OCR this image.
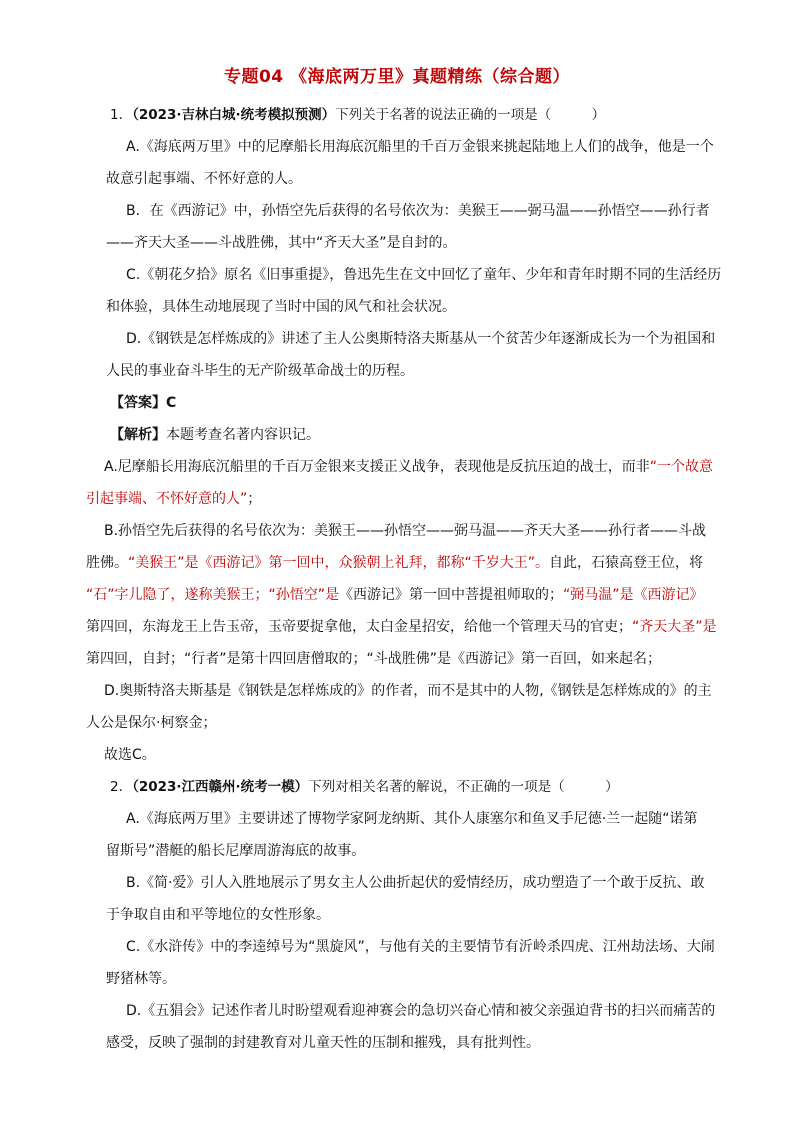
专题04 《海底两万里》真题精练（综合题）
1．（2023·吉林白城·统考模拟预测）下列关于名著的说法正确的一项是（　　　）
A.《海底两万里》中的尼摩船长用海底沉船里的千百万金银来挑起陆地上人们的战争，他是一个
故意引起事端、不怀好意的人。
B．在《西游记》中，孙悟空先后获得的名号依次为：美猴王——弼马温——孙悟空——孙行者
——齐天大圣——斗战胜佛，其中“齐天大圣”是自封的。
C.《朝花夕拾》原名《旧事重提》，鲁迅先生在文中回忆了童年、少年和青年时期不同的生活经历
和体验，具体生动地展现了当时中国的风气和社会状况。
D.《钢铁是怎样炼成的》讲述了主人公奥斯特洛夫斯基从一个贫苦少年逐渐成长为一个为祖国和
人民的事业奋斗毕生的无产阶级革命战士的历程。
【答案】C
【解析】本题考查名著内容识记。
A.尼摩船长用海底沉船里的千百万金银来支援正义战争，表现他是反抗压迫的战士，而非“一个故意
引起事端、不怀好意的人”；
B.孙悟空先后获得的名号依次为：美猴王——孙悟空——弼马温——齐天大圣——孙行者——斗战
胜佛。“美猴王”是《西游记》第一回中，众猴朝上礼拜，都称“千岁大王”。自此，石猿高登王位，将
“石”字儿隐了，遂称美猴王；“孙悟空”是《西游记》第一回中菩提祖师取的；“弼马温”是《西游记》
第四回，东海龙王上告玉帝，玉帝要捉拿他，太白金星招安，给他一个管理天马的官吏；“齐天大圣”是
第四回，自封；“行者”是第十四回唐僧取的；“斗战胜佛”是《西游记》第一百回，如来起名；
D.奥斯特洛夫斯基是《钢铁是怎样炼成的》的作者，而不是其中的人物,《钢铁是怎样炼成的》的主
人公是保尔·柯察金；
故选C。
2．（2023·江西赣州·统考一模）下列对相关名著的解说，不正确的一项是（　　　）
A.《海底两万里》主要讲述了博物学家阿龙纳斯、其仆人康塞尔和鱼叉手尼德·兰一起随“诺第
留斯号”潜艇的船长尼摩周游海底的故事。
B.《简·爱》引人入胜地展示了男女主人公曲折起伏的爱情经历，成功塑造了一个敢于反抗、敢
于争取自由和平等地位的女性形象。
C.《水浒传》中的李逵绰号为“黑旋风”，与他有关的主要情节有沂岭杀四虎、江州劫法场、大闹
野猪林等。
D.《五猖会》记述作者儿时盼望观看迎神赛会的急切兴奋心情和被父亲强迫背书的扫兴而痛苦的
感受，反映了强制的封建教育对儿童天性的压制和摧残，具有批判性。
